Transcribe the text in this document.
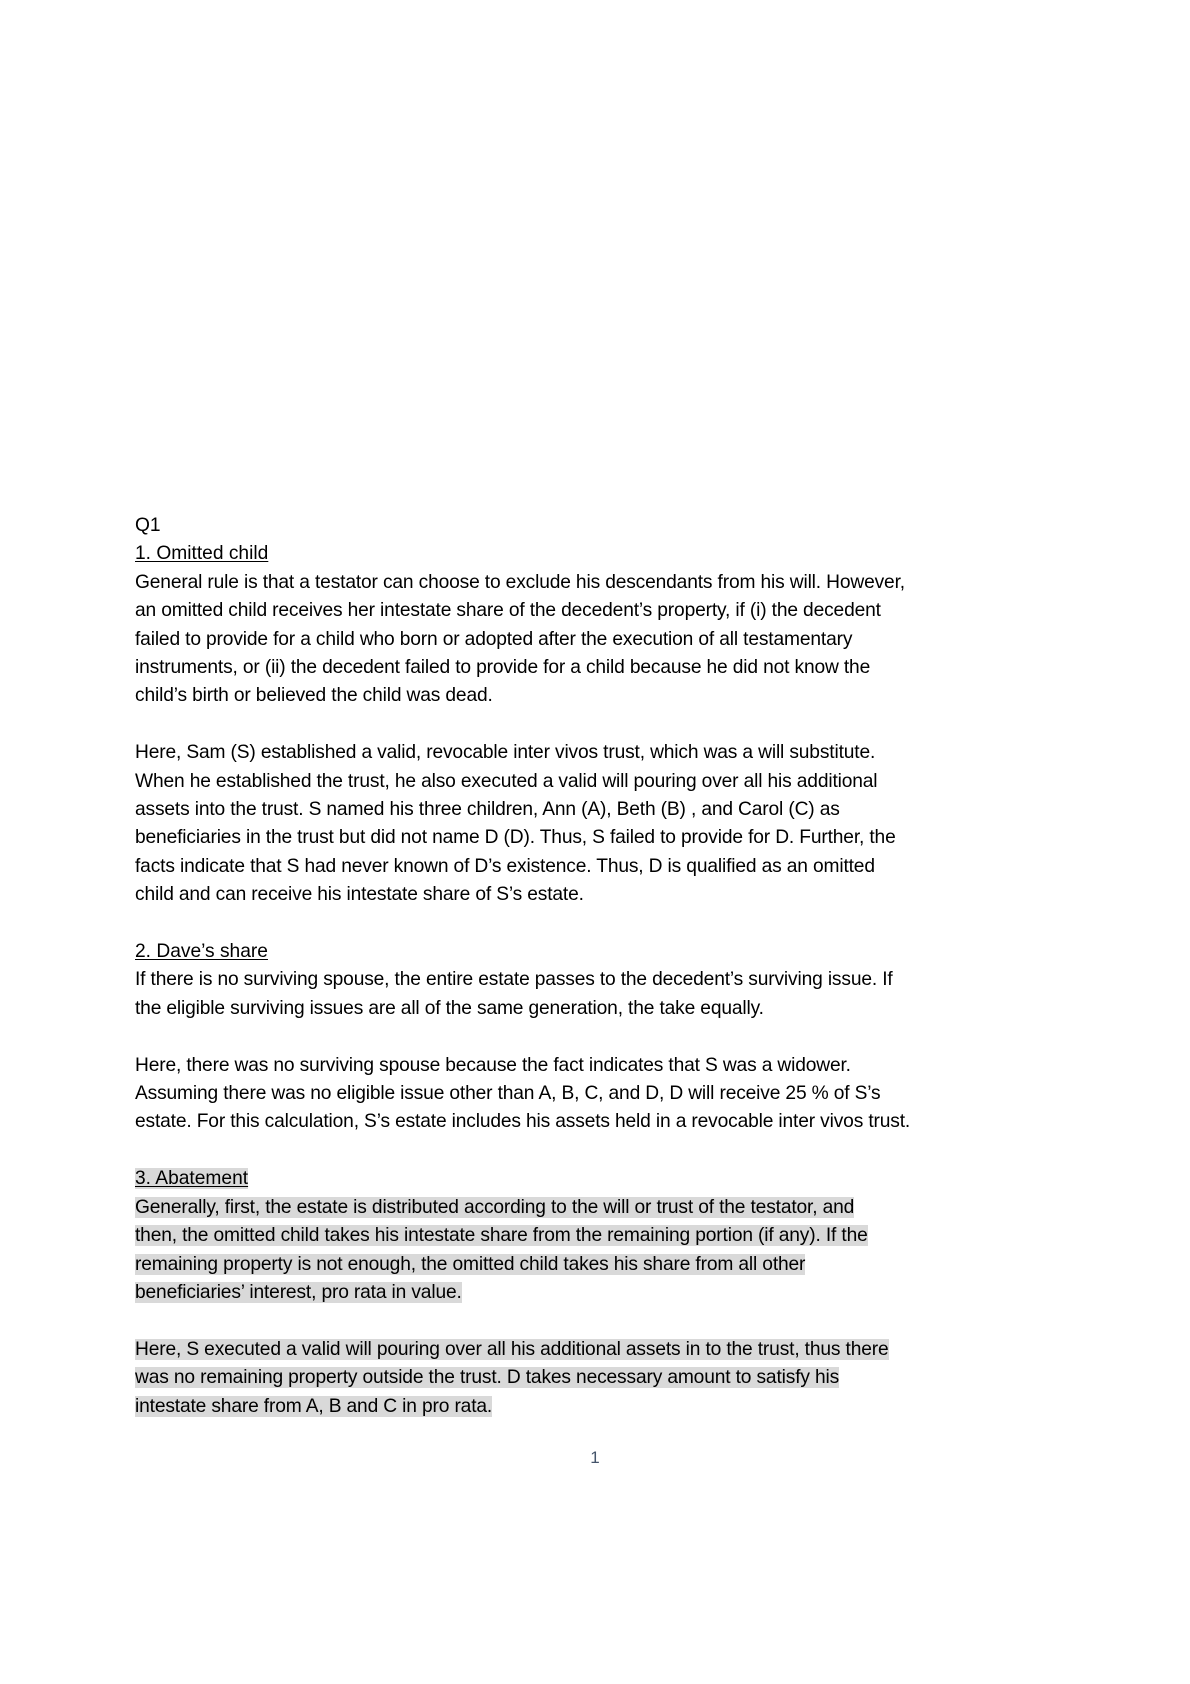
Q1
1. Omitted child
General rule is that a testator can choose to exclude his descendants from his will. However,
an omitted child receives her intestate share of the decedent’s property, if (i) the decedent
failed to provide for a child who born or adopted after the execution of all testamentary
instruments, or (ii) the decedent failed to provide for a child because he did not know the
child’s birth or believed the child was dead.
Here, Sam (S) established a valid, revocable inter vivos trust, which was a will substitute.
When he established the trust, he also executed a valid will pouring over all his additional
assets into the trust. S named his three children, Ann (A), Beth (B) , and Carol (C) as
beneficiaries in the trust but did not name D (D). Thus, S failed to provide for D. Further, the
facts indicate that S had never known of D’s existence. Thus, D is qualified as an omitted
child and can receive his intestate share of S’s estate.
2. Dave’s share
If there is no surviving spouse, the entire estate passes to the decedent’s surviving issue. If
the eligible surviving issues are all of the same generation, the take equally.
Here, there was no surviving spouse because the fact indicates that S was a widower.
Assuming there was no eligible issue other than A, B, C, and D, D will receive 25 % of S’s
estate. For this calculation, S’s estate includes his assets held in a revocable inter vivos trust.
3. Abatement
Generally, first, the estate is distributed according to the will or trust of the testator, and
then, the omitted child takes his intestate share from the remaining portion (if any). If the
remaining property is not enough, the omitted child takes his share from all other
beneficiaries’ interest, pro rata in value.
Here, S executed a valid will pouring over all his additional assets in to the trust, thus there
was no remaining property outside the trust. D takes necessary amount to satisfy his
intestate share from A, B and C in pro rata.
1
